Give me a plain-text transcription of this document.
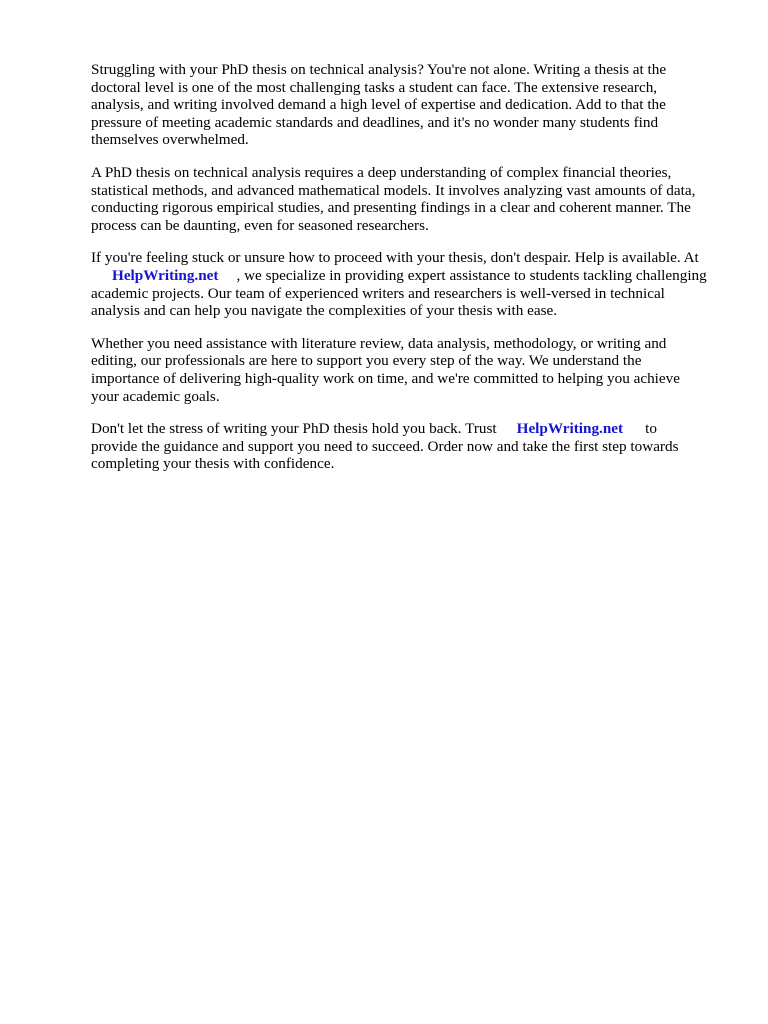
Struggling with your PhD thesis on technical analysis? You're not alone. Writing a thesis at the
doctoral level is one of the most challenging tasks a student can face. The extensive research,
analysis, and writing involved demand a high level of expertise and dedication. Add to that the
pressure of meeting academic standards and deadlines, and it's no wonder many students find
themselves overwhelmed.

A PhD thesis on technical analysis requires a deep understanding of complex financial theories,
statistical methods, and advanced mathematical models. It involves analyzing vast amounts of data,
conducting rigorous empirical studies, and presenting findings in a clear and coherent manner. The
process can be daunting, even for seasoned researchers.

If you're feeling stuck or unsure how to proceed with your thesis, don't despair. Help is available. At
HelpWriting.net , we specialize in providing expert assistance to students tackling challenging
academic projects. Our team of experienced writers and researchers is well-versed in technical
analysis and can help you navigate the complexities of your thesis with ease.

Whether you need assistance with literature review, data analysis, methodology, or writing and
editing, our professionals are here to support you every step of the way. We understand the
importance of delivering high-quality work on time, and we're committed to helping you achieve
your academic goals.

Don't let the stress of writing your PhD thesis hold you back. Trust HelpWriting.net to
provide the guidance and support you need to succeed. Order now and take the first step towards
completing your thesis with confidence.
